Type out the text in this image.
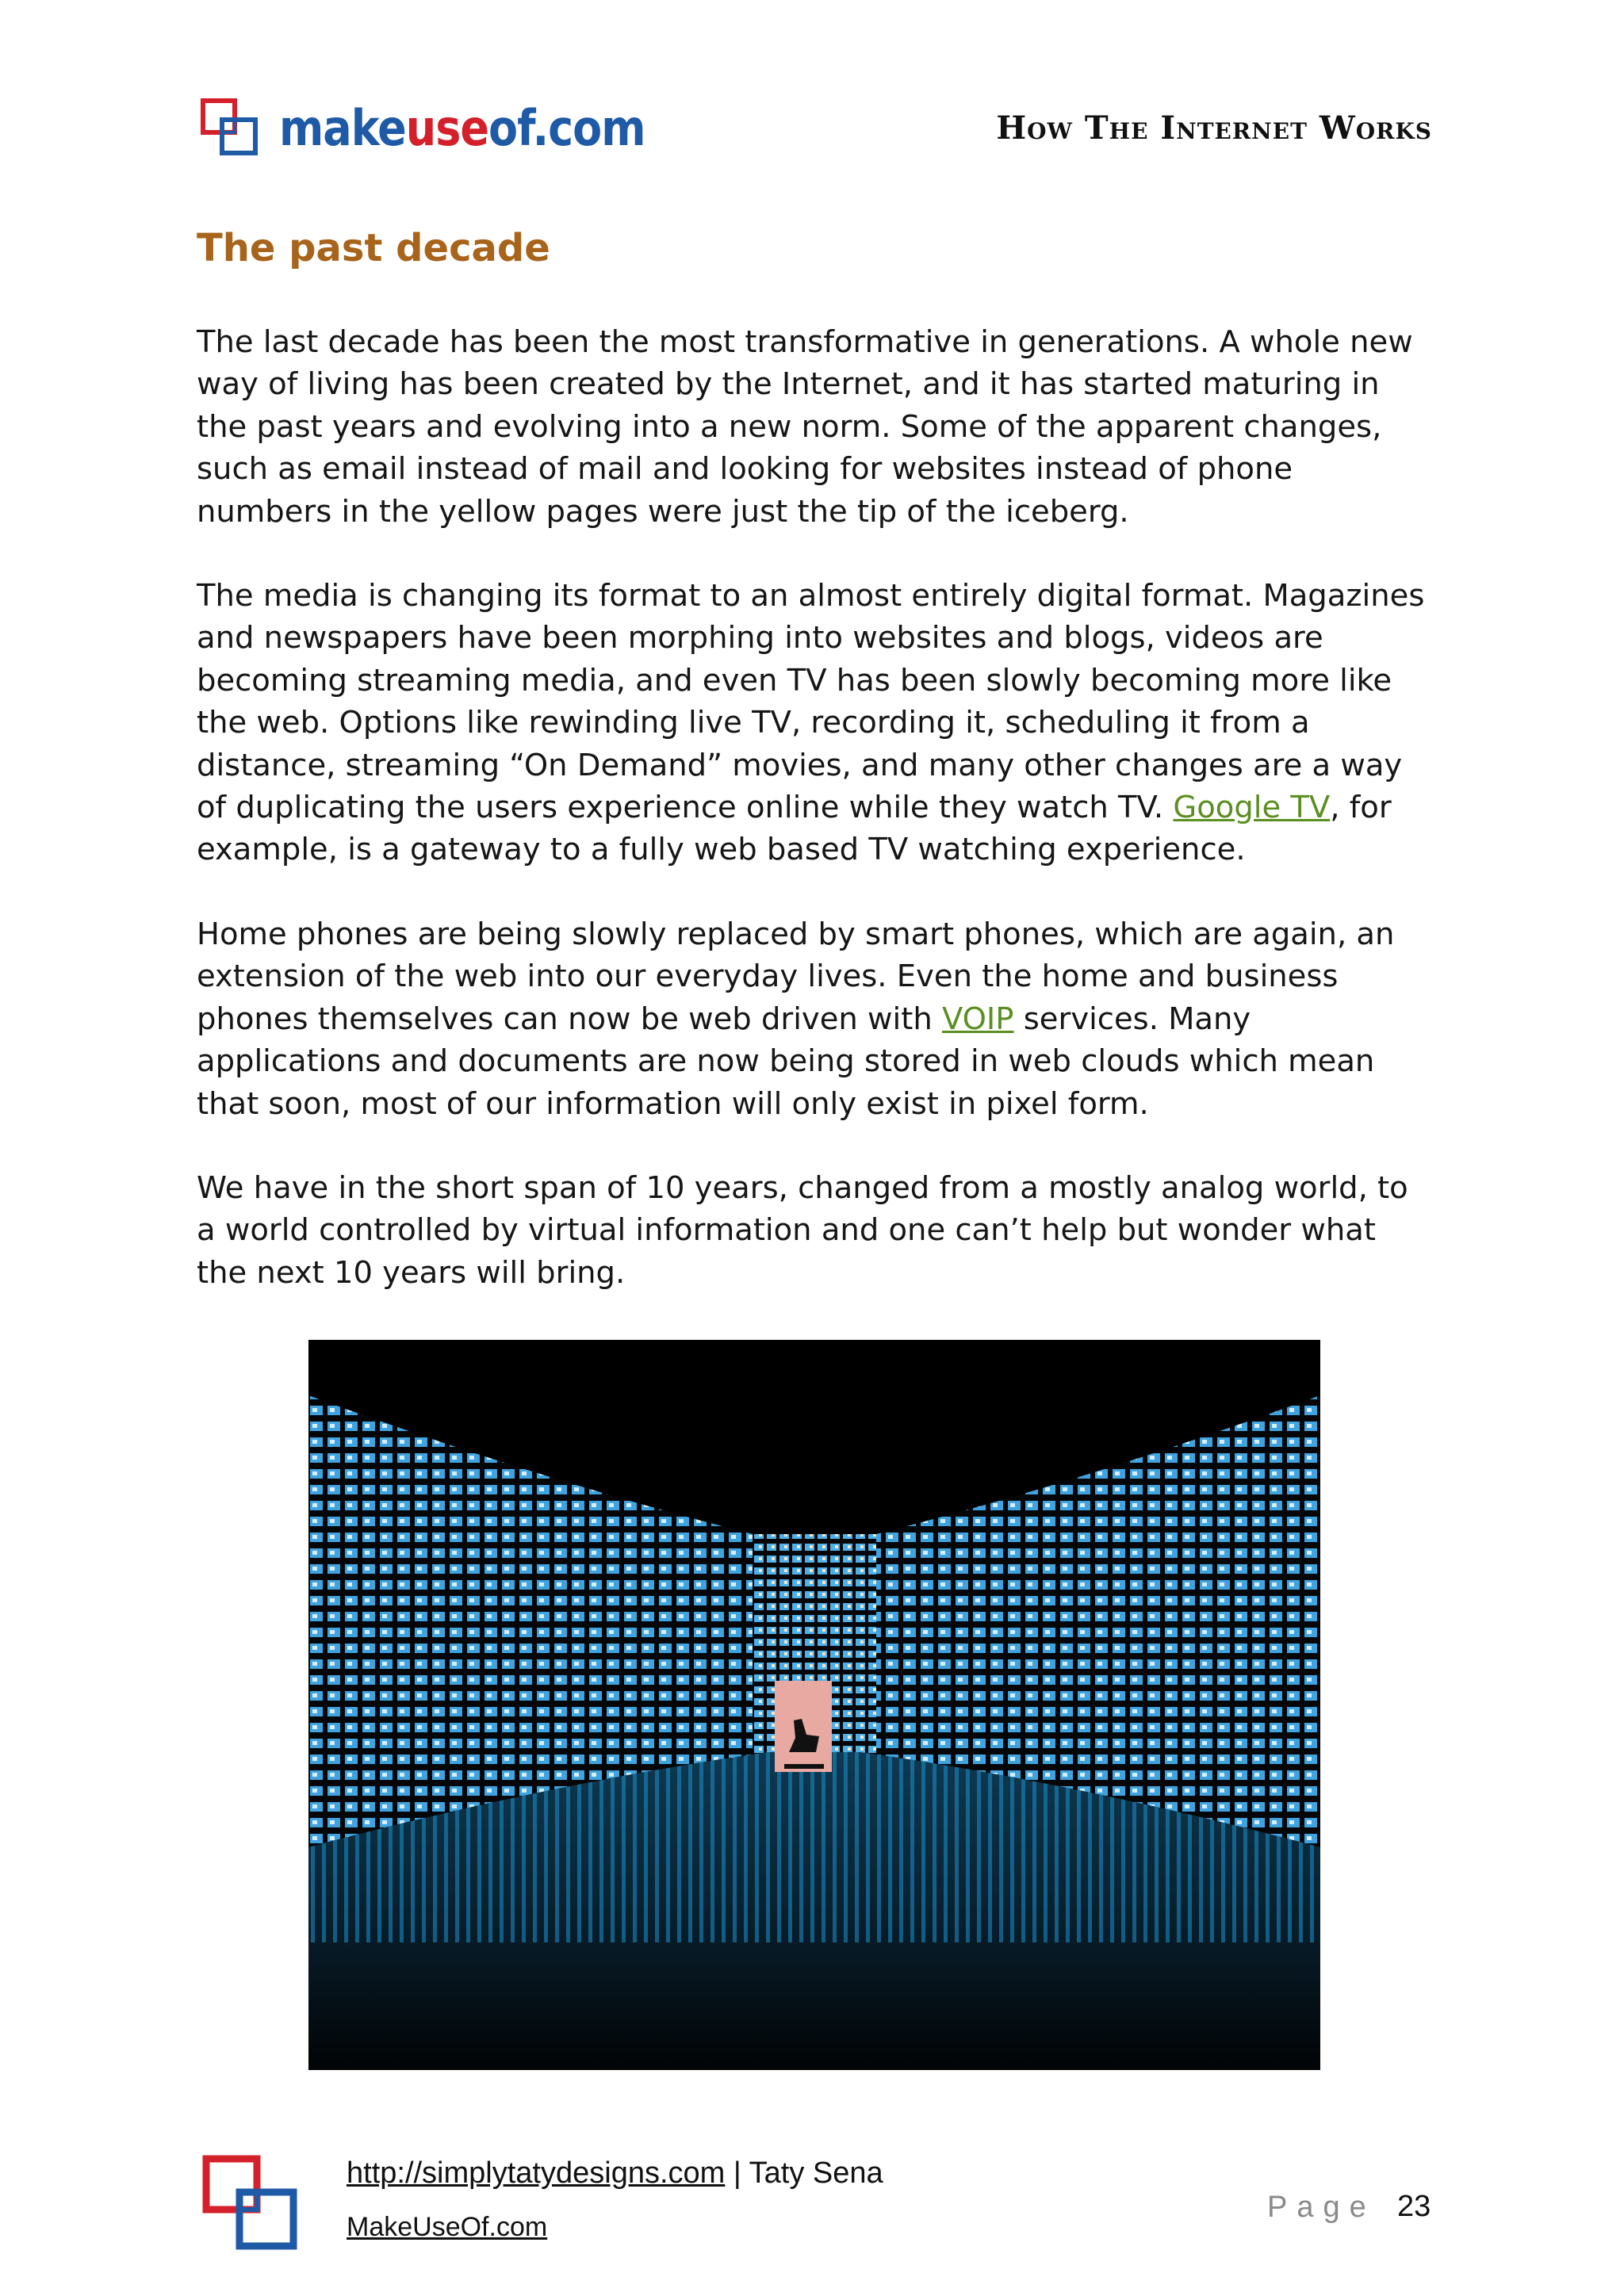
makeuseof.com	How The Internet Works
The past decade

The last decade has been the most transformative in generations. A whole new way of living has been created by the Internet, and it has started maturing in the past years and evolving into a new norm. Some of the apparent changes, such as email instead of mail and looking for websites instead of phone numbers in the yellow pages were just the tip of the iceberg.

The media is changing its format to an almost entirely digital format. Magazines and newspapers have been morphing into websites and blogs, videos are becoming streaming media, and even TV has been slowly becoming more like the web. Options like rewinding live TV, recording it, scheduling it from a distance, streaming “On Demand” movies, and many other changes are a way of duplicating the users experience online while they watch TV. Google TV, for example, is a gateway to a fully web based TV watching experience.

Home phones are being slowly replaced by smart phones, which are again, an extension of the web into our everyday lives. Even the home and business phones themselves can now be web driven with VOIP services. Many applications and documents are now being stored in web clouds which mean that soon, most of our information will only exist in pixel form.

We have in the short span of 10 years, changed from a mostly analog world, to a world controlled by virtual information and one can’t help but wonder what the next 10 years will bring.

http://simplytatydesigns.com | Taty Sena
MakeUseOf.com
Page 23
